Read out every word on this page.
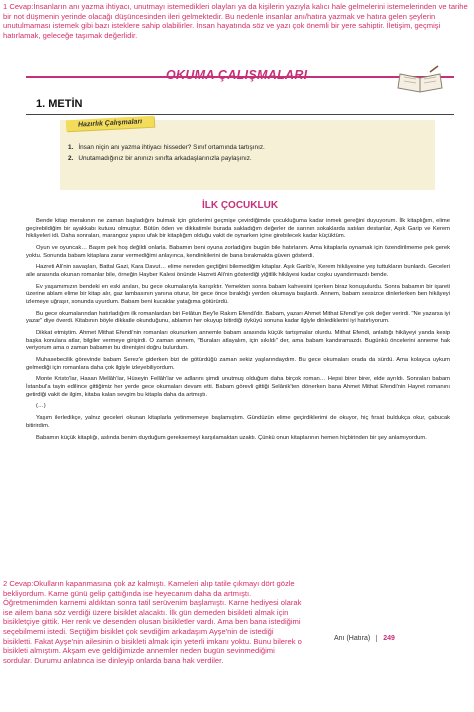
1 Cevap:İnsanların anı yazma ihtiyacı, unutmayı istemedikleri olayları ya da kişilerin yazıyla kalıcı hale gelmelerini istemelerinden ve tarihe bir not düşmenin yerinde olacağı düşüncesinden ileri gelmektedir. Bu nedenle insanlar anı/hatıra yazmak ve hatıra gelen şeylerin unutulmaması istemek gibi bazı isteklere sahip olabilirler. İnsan hayatında söz ve yazı çok önemli bir yere sahiptir. İletişim, geçmişi hatırlamak, geleceğe taşımak değerlidir.
OKUMA ÇALIŞMALARI
1. METİN
Hazırlık Çalışmaları
1. İnsan niçin anı yazma ihtiyacı hisseder? Sınıf ortamında tartışınız.
2. Unutamadığınız bir anınızı sınıfta arkadaşlarınızla paylaşınız.
İLK ÇOCUKLUK

Bende kitap merakının ne zaman başladığını bulmak için gözlerimi geçmişe çevirdiğimde çocukluğuma kadar inmek gereğini duyuyorum. İlk kitaplığım, elime geçirebildiğim bir ayakkabı kutusu olmuştur. Bütün öden ve dikkatimle burada sakladığım değerler de sarının sokaklarda satılan destanlar, Aşık Garip ve Kerem hikâyeleri idi. Daha sonraları, marangoz yapısı ufak bir kitaplığım olduğu vakit de oynarken içine girebilecek kadar küçüktüm.

Oyun ve oyuncak… Başım pek hoş değildi onlarla. Babamın beni oyuna zorladığını bugün bile hatırlarım. Ama kitaplarla oynamak için özendirilmeme pek gerek yoktu. Sonunda babam kitaplara zarar vermediğimi anlayınca, kendinkilerini de bana bırakmakta güven gösterdi.

Hazreti Ali'nin savaşları, Battal Gazi, Kara Davut… elime nereden geçtiğini bilemediğim kitaplar. Aşık Garib'e, Kerem hikâyesine yeş tuttukların bunlardı. Geceleri aile arasında okunan romanlar bile, örneğin Hayber Kalesi önünde Hazreti Ali'nin gösterdiği yiğitlik hikâyesi kadar coşku uyandırmazdı bende.

Ev yaşamımızın bendeki en eski anıları, bu gece okumalarıyla karışıktır. Yemekten sonra babam kahvesini içerken biraz konuşulurdu. Sonra babamın bir işareti üzerine ablam elime bir kitap alır, gaz lambasının yanına oturur, bir gece önce bıraktığı yerden okumaya başlardı. Annem, babam sessizce dinlerlerken ben hikâyeyi izlemeye uğraşır, sonunda uyurdum. Babam beni kucaklar yatağıma götürürdü.

Bu gece okumalarından hatırladığım ilk romanlardan biri Felâtun Bey'le Rakım Efendi'dir. Babam, yazarı Ahmet Mithat Efendi'ye çok değer verirdi. "Ne yazarsa iyi yazar" diye överdi. Kitabının böyle dikkatle okunduğunu, ablamın her okuyup bitirdiği öyküyü sonuna kadar ilgiyle dinlediklerini iyi hatırlıyorum.

Dikkat etmiştim. Ahmet Mithat Efendi'nin romanları okunurken annemle babam arasında küçük tartışmalar olurdu. Mithat Efendi, anlattığı hikâyeyi yanda kesip başka konulara atlar, bilgiler vermeye girişirdi. O zaman annem, "Buraları atlayalım, için sıkıldı" der, ama babam kandıramazdı. Bugünkü öncelerini anneme hak veriyorum ama o zaman babamın bu direnişini doğru bulurdum.

Muhasebecilik görevinde babam Serez'e giderken bizi de götürdüğü zaman sekiz yaşlarındaydım. Bu gece okumaları orada da sürdü. Ama kolayca uykum gelmediği için romanlara daha çok ilgiyle izleyebiliyordum.

Monte Kristo'lar, Hasan Mellâh'lar, Hüseyin Fellâh'lar ve adlarını şimdi unutmuş olduğum daha birçok roman… Hepsi birer birer, elde ayrıldı. Sonraları babam İstanbul'a tayin edilince gittiğimiz her yerde gece okumaları devam etti. Babam görevli gittiği Selânik'ten dönerken bana Ahmet Mithat Efendi'nin Hayret romanını getirdiği vakit de ilgim, kitaba kalan sevgim bu kitapla daha da artmıştı.

(…)

Yaşım ilerledikçe, yalnız geceleri okunan kitaplarla yetinmemeye başlamıştım. Gündüzün elime geçirdiklerimi de okuyor, hiç fırsat buldukça okur, çabucak bitirirdim.

Babamın küçük kitaplığı, aslında benim duyduğum gereksemeyi karşılamaktan uzaktı. Çünkü onun kitaplarının hemen hiçbirinden bir şey anlamıyordum.

2 Cevap:Okulların kapanmasına çok az kalmıştı. Karneleri alıp tatile çıkmayı dört gözle bekliyordum. Karne günü gelip çattığında ise heyecanım daha da artmıştı. Öğretmenimden karnemi aldıktan sonra tatil serüvenim başlamıştı. Karne hediyesi olarak ise ailem bana söz verdiği üzere bisiklet alacaktı. İlk gün demeden bisikleti almak için bisikletçiye gittik. Her renk ve desenden olusan bisikletler vardı. Ama ben bana istediğimi seçebilmemi istedi. Seçtiğim bisiklet çok sevdiğim arkadaşım Ayşe'nin de istediği bisikletti. Fakat Ayşe'nin ailesinin o bisikleti almak için yeterli imkanı yoktu. Bunu bilerek o bisikleti almıştım. Akşam eve geldiğimizde annemler neden bugün sevinmediğimi sordular. Durumu anlatınca ise dinleyip onlarda bana hak verdiler.
Anı (Hatıra) 249
